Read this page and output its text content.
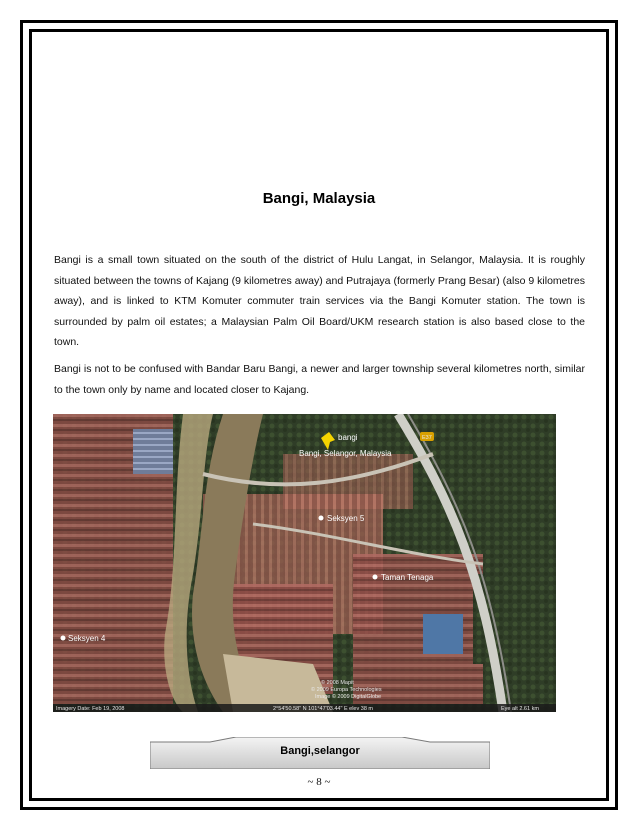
Bangi, Malaysia

Bangi is a small town situated on the south of the district of Hulu Langat, in Selangor, Malaysia. It is roughly situated between the towns of Kajang (9 kilometres away) and Putrajaya (formerly Prang Besar) (also 9 kilometres away), and is linked to KTM Komuter commuter train services via the Bangi Komuter station. The town is surrounded by palm oil estates; a Malaysian Palm Oil Board/UKM research station is also based close to the town.

Bangi is not to be confused with Bandar Baru Bangi, a newer and larger township several kilometres north, similar to the town only by name and located closer to Kajang.

bangi
Bangi, Selangor, Malaysia
Seksyen 5
Taman Tenaga
Seksyen 4
E37
© 2008 Mapit
© 2009 Europa Technologies
Image © 2009 DigitalGlobe
Imagery Date: Feb 19, 2008	2°54'50.58" N 101°47'03.44" E elev 38 m	Eye alt 2.61 km
Bangi,selangor
~ 8 ~
